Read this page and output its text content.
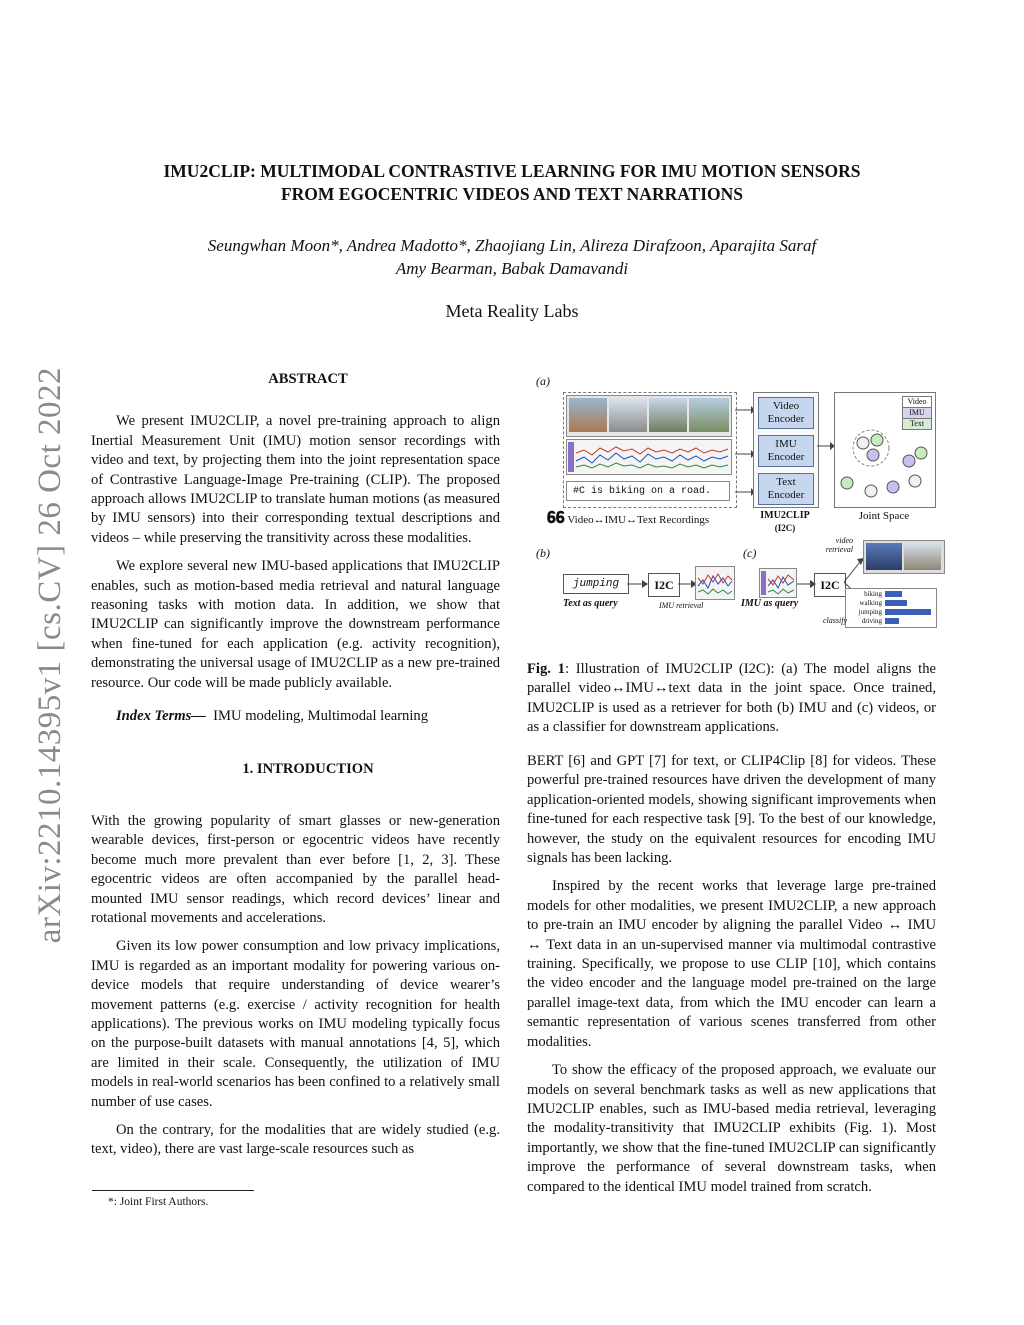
arXiv:2210.14395v1 [cs.CV] 26 Oct 2022
IMU2CLIP: MULTIMODAL CONTRASTIVE LEARNING FOR IMU MOTION SENSORS
FROM EGOCENTRIC VIDEOS AND TEXT NARRATIONS
Seungwhan Moon*, Andrea Madotto*, Zhaojiang Lin, Alireza Dirafzoon, Aparajita Saraf
Amy Bearman, Babak Damavandi
Meta Reality Labs

ABSTRACT

We present IMU2CLIP, a novel pre-training approach to align Inertial Measurement Unit (IMU) motion sensor recordings with video and text, by projecting them into the joint representation space of Contrastive Language-Image Pre-training (CLIP). The proposed approach allows IMU2CLIP to translate human motions (as measured by IMU sensors) into their corresponding textual descriptions and videos – while preserving the transitivity across these modalities.

We explore several new IMU-based applications that IMU2CLIP enables, such as motion-based media retrieval and natural language reasoning tasks with motion data. In addition, we show that IMU2CLIP can significantly improve the downstream performance when fine-tuned for each application (e.g. activity recognition), demonstrating the universal usage of IMU2CLIP as a new pre-trained resource. Our code will be made publicly available.

Index Terms— IMU modeling, Multimodal learning

1. INTRODUCTION

With the growing popularity of smart glasses or new-generation wearable devices, first-person or egocentric videos have recently become much more prevalent than ever before [1, 2, 3]. These egocentric videos are often accompanied by the parallel head-mounted IMU sensor readings, which record devices’ linear and rotational movements and accelerations.

Given its low power consumption and low privacy implications, IMU is regarded as an important modality for powering various on-device models that require understanding of device wearer’s movement patterns (e.g. exercise / activity recognition for health applications). The previous works on IMU modeling typically focus on the purpose-built datasets with manual annotations [4, 5], which are limited in their scale. Consequently, the utilization of IMU models in real-world scenarios has been confined to a relatively small number of use cases.

On the contrary, for the modalities that are widely studied (e.g. text, video), there are vast large-scale resources such as

*: Joint First Authors.
(a)
#C is biking on a road.
𝟔𝟔 Video↔IMU↔Text Recordings
Video Encoder
IMU Encoder
Text Encoder
IMU2CLIP
(I2C)
Video
IMU
Text
Joint Space
(b)
jumping	I2C
Text as query	IMU retrieval
(c)
I2C
video retrieval
biking
walking
jumping
driving
IMU as query
classify

Fig. 1: Illustration of IMU2CLIP (I2C): (a) The model aligns the parallel video↔IMU↔text data in the joint space. Once trained, IMU2CLIP is used as a retriever for both (b) IMU and (c) videos, or as a classifier for downstream applications.

BERT [6] and GPT [7] for text, or CLIP4Clip [8] for videos. These powerful pre-trained resources have driven the development of many application-oriented models, showing significant improvements when fine-tuned for each respective task [9]. To the best of our knowledge, however, the study on the equivalent resources for encoding IMU signals has been lacking.

Inspired by the recent works that leverage large pre-trained models for other modalities, we present IMU2CLIP, a new approach to pre-train an IMU encoder by aligning the parallel Video ↔ IMU ↔ Text data in an un-supervised manner via multimodal contrastive training. Specifically, we propose to use CLIP [10], which contains the video encoder and the language model pre-trained on the large parallel image-text data, from which the IMU encoder can learn a semantic representation of various scenes transferred from other modalities.

To show the efficacy of the proposed approach, we evaluate our models on several benchmark tasks as well as new applications that IMU2CLIP enables, such as IMU-based media retrieval, leveraging the modality-transitivity that IMU2CLIP exhibits (Fig. 1). Most importantly, we show that the fine-tuned IMU2CLIP can significantly improve the performance of several downstream tasks, when compared to the identical IMU model trained from scratch.
